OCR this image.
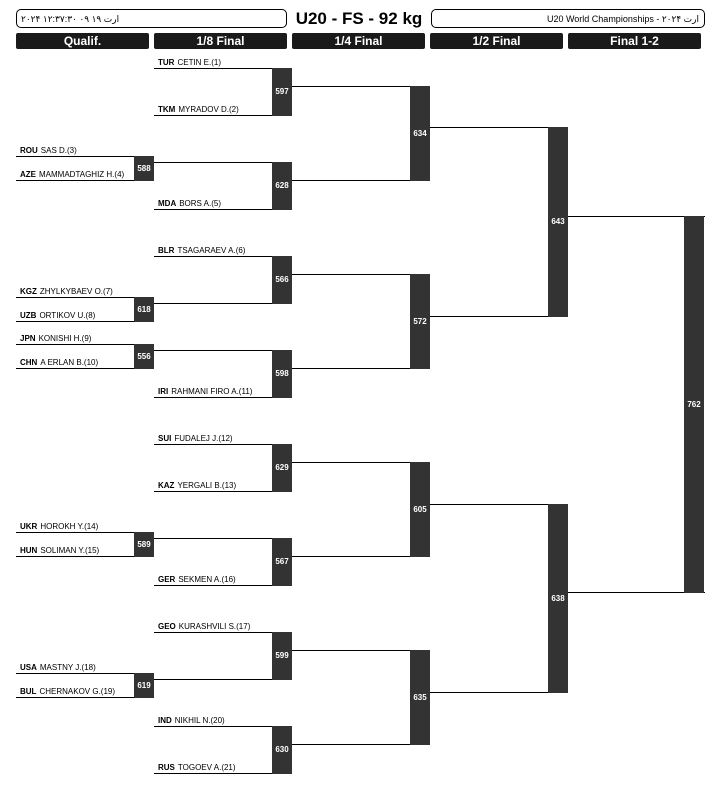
ارت ۱۹ ۰۹ ۱۲:۳۷:۳۰ ۲۰۲۴	U20 - FS - 92 kg	U20 World Championships - ۲۰۲۴ ارت
Qualif.	1/8 Final	1/4 Final	1/2 Final	Final 1-2
ROU SAS D.(3)
AZE MAMMADTAGHIZ H.(4)
588
KGZ ZHYLKYBAEV O.(7)
UZB ORTIKOV U.(8)
618
JPN KONISHI H.(9)
CHN A ERLAN B.(10)
556
UKR HOROKH Y.(14)
HUN SOLIMAN Y.(15)
589
USA MASTNY J.(18)
BUL CHERNAKOV G.(19)
619
TUR CETIN E.(1)
TKM MYRADOV D.(2)
597
MDA BORS A.(5)
628
BLR TSAGARAEV A.(6)
566
IRI RAHMANI FIRO A.(11)
598
SUI FUDALEJ J.(12)
KAZ YERGALI B.(13)
629
GER SEKMEN A.(16)
567
GEO KURASHVILI S.(17)
599
IND NIKHIL N.(20)
RUS TOGOEV A.(21)
630
634
572
605
635
643
638
762
